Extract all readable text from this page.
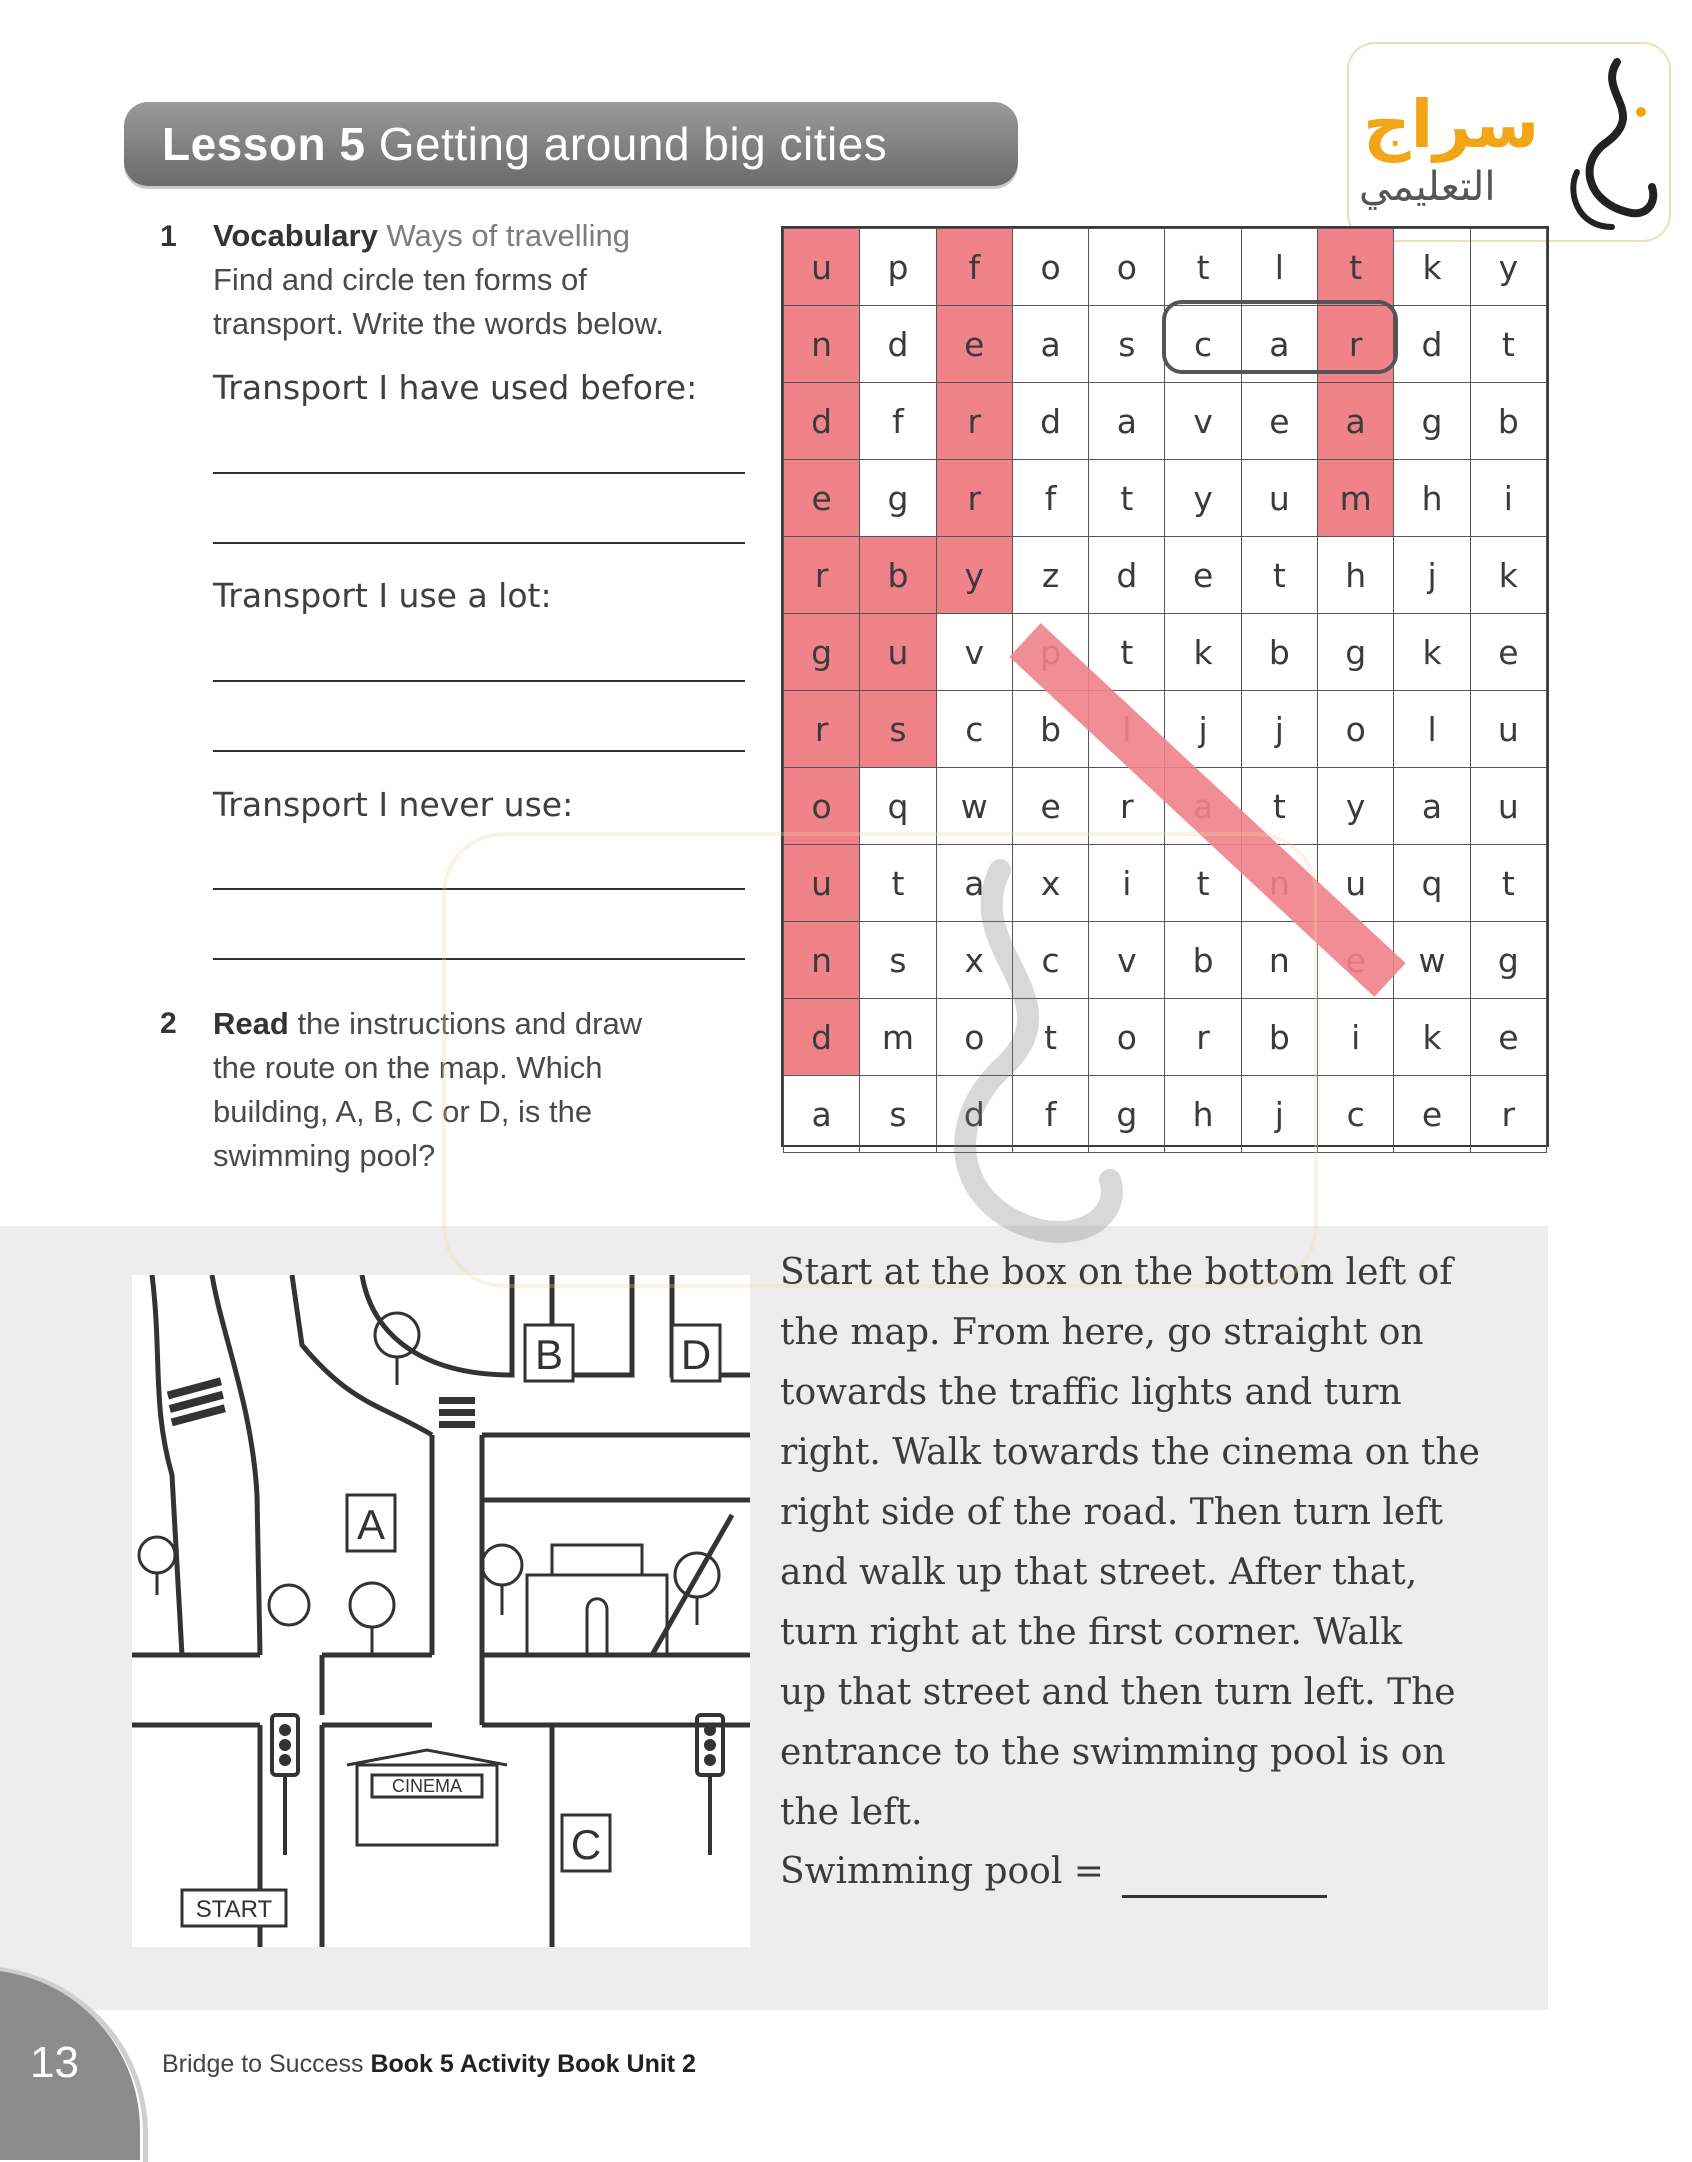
Lesson 5 Getting around big cities	سراج
التعليمي
1 Vocabulary Ways of travelling
Find and circle ten forms of
transport. Write the words below.
Transport I have used before:
Transport I use a lot:
Transport I never use:
2 Read the instructions and draw
the route on the map. Which
building, A, B, C or D, is the
swimming pool?
u	p	f	o	o	t	l	t	k	y
n	d	e	a	s	c	a	r	d	t
d	f	r	d	a	v	e	a	g	b
e	g	r	f	t	y	u	m	h	i
r	b	y	z	d	e	t	h	j	k
g	u	v		t	k	b	g	k	e
r	s	c	b		j	j	o	l	u
o	q	w	e	r		t	y	a	u
u	t	a	x	i	t		u	q	t
n	s	x	c	v	b	n		w	g
d	m	o	t	o	r	b	i	k	e
a	s	d	f	g	h	j	c	e	r
A
B	D
C
CINEMA
START
Start at the box on the bottom left of
the map. From here, go straight on
towards the traffic lights and turn
right. Walk towards the cinema on the
right side of the road. Then turn left
and walk up that street. After that,
turn right at the first corner. Walk
up that street and then turn left. The
entrance to the swimming pool is on
the left.
Swimming pool =
13	Bridge to Success Book 5 Activity Book Unit 2
